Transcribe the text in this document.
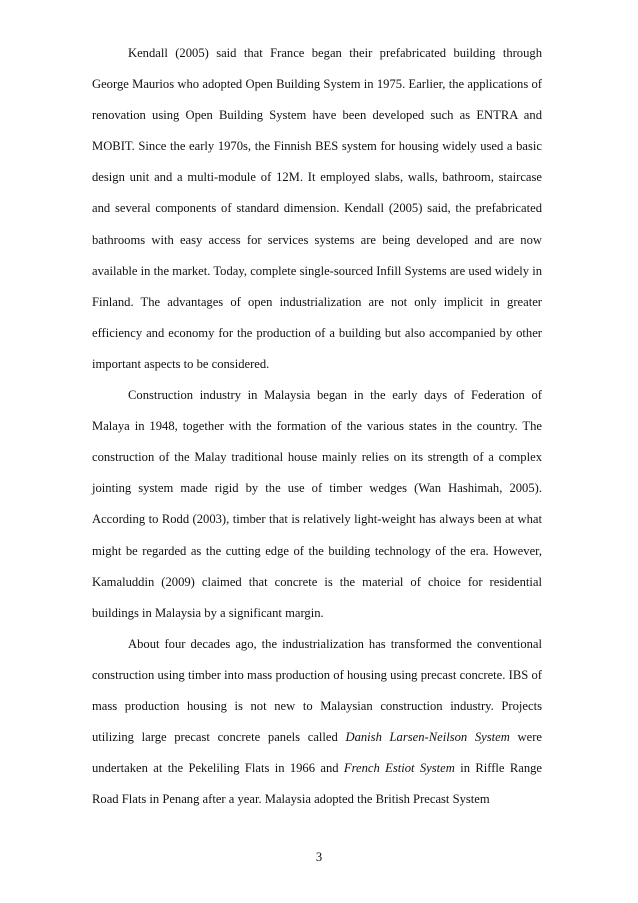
Kendall (2005) said that France began their prefabricated building through George Maurios who adopted Open Building System in 1975. Earlier, the applications of renovation using Open Building System have been developed such as ENTRA and MOBIT. Since the early 1970s, the Finnish BES system for housing widely used a basic design unit and a multi-module of 12M. It employed slabs, walls, bathroom, staircase and several components of standard dimension. Kendall (2005) said, the prefabricated bathrooms with easy access for services systems are being developed and are now available in the market. Today, complete single-sourced Infill Systems are used widely in Finland. The advantages of open industrialization are not only implicit in greater efficiency and economy for the production of a building but also accompanied by other important aspects to be considered.

Construction industry in Malaysia began in the early days of Federation of Malaya in 1948, together with the formation of the various states in the country. The construction of the Malay traditional house mainly relies on its strength of a complex jointing system made rigid by the use of timber wedges (Wan Hashimah, 2005). According to Rodd (2003), timber that is relatively light-weight has always been at what might be regarded as the cutting edge of the building technology of the era. However, Kamaluddin (2009) claimed that concrete is the material of choice for residential buildings in Malaysia by a significant margin.

About four decades ago, the industrialization has transformed the conventional construction using timber into mass production of housing using precast concrete. IBS of mass production housing is not new to Malaysian construction industry. Projects utilizing large precast concrete panels called Danish Larsen-Neilson System were undertaken at the Pekeliling Flats in 1966 and French Estiot System in Riffle Range Road Flats in Penang after a year. Malaysia adopted the British Precast System

3
